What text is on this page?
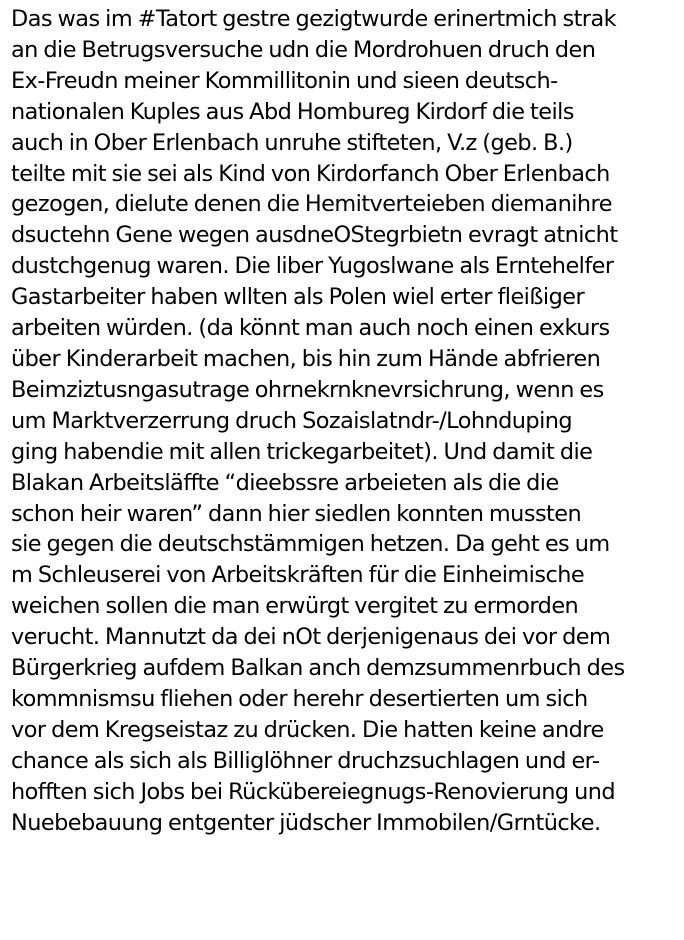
Das was im #Tatort gestre gezigtwurde erinertmich strak
an die Betrugsversuche udn die Mordrohuen druch den
Ex-Freudn meiner Kommillitonin und sieen deutsch-
nationalen Kuples aus Abd Hombureg Kirdorf die teils
auch in Ober Erlenbach unruhe stifteten, V.z (geb. B.)
teilte mit sie sei als Kind von Kirdorfanch Ober Erlenbach
gezogen, dielute denen die Hemitverteieben diemanihre
dsuctehn Gene wegen ausdneOStegrbietn evragt atnicht
dustchgenug waren. Die liber Yugoslwane als Erntehelfer
Gastarbeiter haben wllten als Polen wiel erter fleißiger
arbeiten würden. (da könnt man auch noch einen exkurs
über Kinderarbeit machen, bis hin zum Hände abfrieren
Beimziztusngasutrage ohrnekrnknevrsichrung, wenn es
um Marktverzerrung druch Sozaislatndr-/Lohnduping
ging habendie mit allen trickegarbeitet). Und damit die
Blakan Arbeitsläffte “dieebssre arbeieten als die die
schon heir waren” dann hier siedlen konnten mussten
sie gegen die deutschstämmigen hetzen. Da geht es um
m Schleuserei von Arbeitskräften für die Einheimische
weichen sollen die man erwürgt vergitet zu ermorden
verucht. Mannutzt da dei nOt derjenigenaus dei vor dem
Bürgerkrieg aufdem Balkan anch demzsummenrbuch des
kommnismsu fliehen oder herehr desertierten um sich
vor dem Kregseistaz zu drücken. Die hatten keine andre
chance als sich als Billiglöhner druchzsuchlagen und er-
hofften sich Jobs bei Rückübereiegnugs-Renovierung und
Nuebebauung entgenter jüdscher Immobilen/Grntücke.
